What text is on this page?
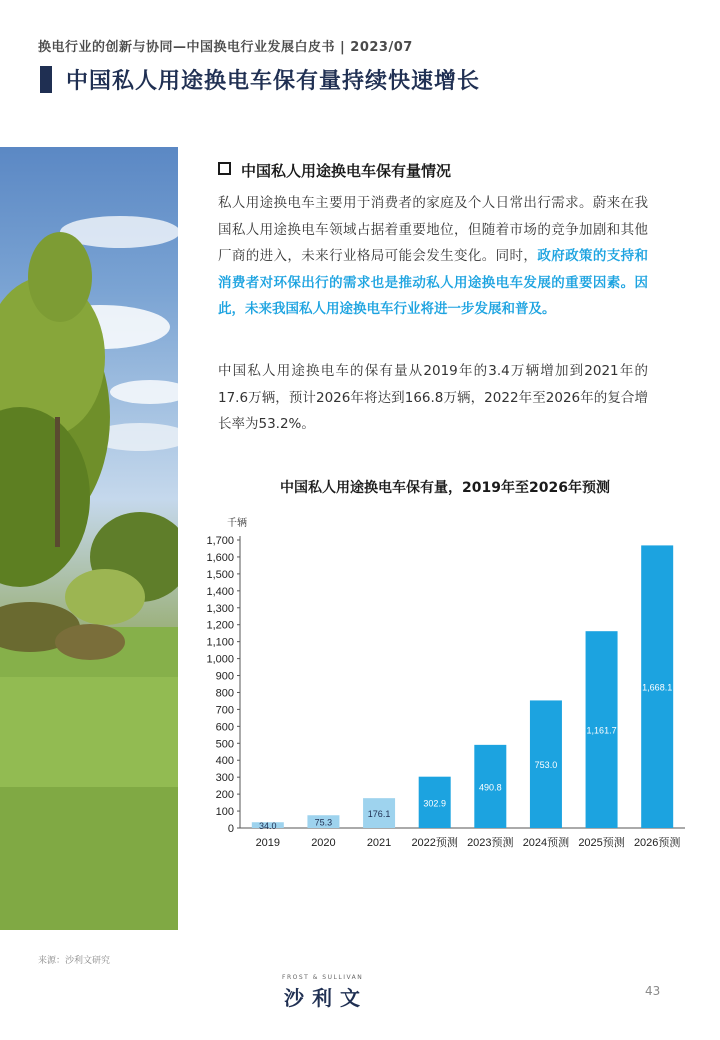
换电行业的创新与协同—中国换电行业发展白皮书 | 2023/07
中国私人用途换电车保有量持续快速增长
中国私人用途换电车保有量情况
私人用途换电车主要用于消费者的家庭及个人日常出行需求。蔚来在我国私人用途换电车领域占据着重要地位，但随着市场的竞争加剧和其他厂商的进入，未来行业格局可能会发生变化。同时，政府政策的支持和消费者对环保出行的需求也是推动私人用途换电车发展的重要因素。因此，未来我国私人用途换电车行业将进一步发展和普及。
中国私人用途换电车的保有量从2019年的3.4万辆增加到2021年的17.6万辆，预计2026年将达到166.8万辆，2022年至2026年的复合增长率为53.2%。
中国私人用途换电车保有量，2019年至2026年预测
千辆
0
100
200
300
400
500
600
700
800
900
1,000
1,100
1,200
1,300
1,400
1,500
1,600
1,700
34.0
2019
75.3
2020
176.1
2021
302.9
2022预测
490.8
2023预测
753.0
2024预测
1,161.7
2025预测
1,668.1
2026预测
来源：沙利文研究
FROST & SULLIVAN
沙利文	43
